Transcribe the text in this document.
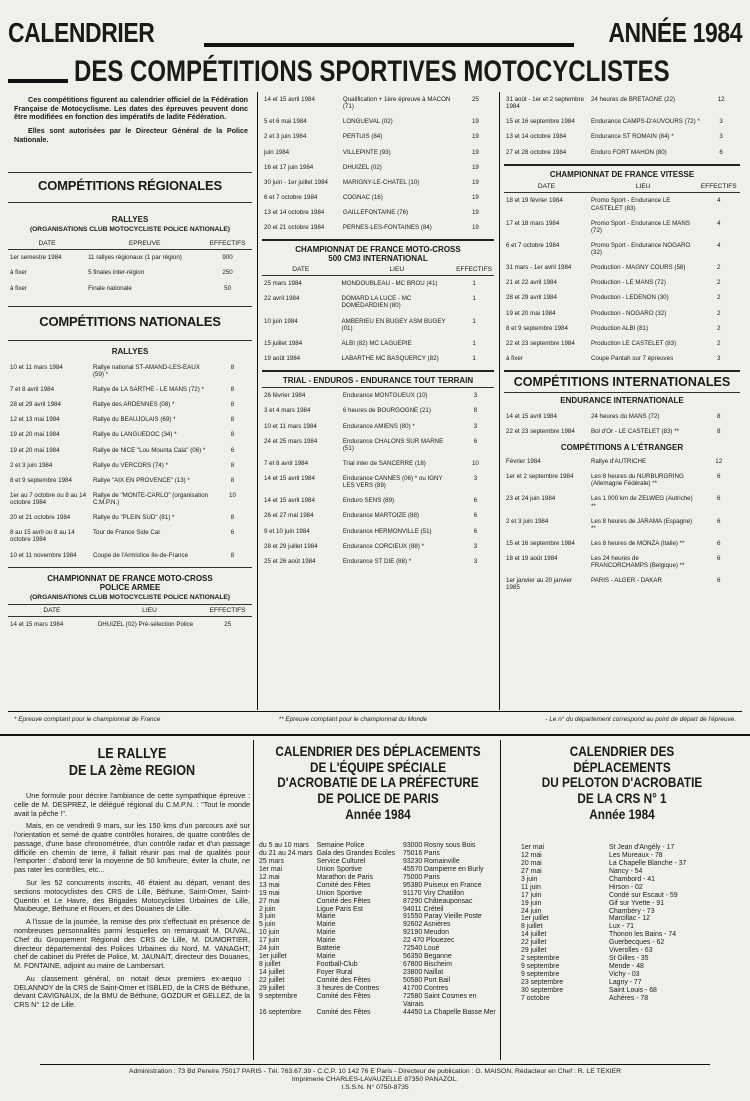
CALENDRIER	ANNÉE 1984
DES COMPÉTITIONS SPORTIVES MOTOCYCLISTES

Ces compétitions figurent au calendrier officiel de la Fédération Française de Motocyclisme. Les dates des épreuves peuvent donc être modifiées en fonction des impératifs de ladite Fédération.

Elles sont autorisées par le Directeur Général de la Police Nationale.

COMPÉTITIONS RÉGIONALES
RALLYES
(ORGANISATIONS CLUB MOTOCYCLISTE POLICE NATIONALE)
DATE	EPREUVE	EFFECTIFS
1er semestre 1984	11 rallyes régionaux (1 par région)	900
à fixer	5 finales inter-région	250
à fixer	Finale nationale	50
COMPÉTITIONS NATIONALES
RALLYES
10 et 11 mars 1984	Rallye national ST-AMAND-LES-EAUX (59) *	8
7 et 8 avril 1984	Rallye de LA SARTHE - LE MANS (72) *	8
28 et 29 avril 1984	Rallye des ARDENNES (08) *	8
12 et 13 mai 1984	Rallye du BEAUJOLAIS (69) *	8
19 et 20 mai 1984	Rallye du LANGUEDOC (34) *	8
19 et 20 mai 1984	Rallye de NICE "Lou Mounta Cala" (06) *	6
2 et 3 juin 1984	Rallye du VERCORS (74) *	8
8 et 9 septembre 1984	Rallye "AIX EN PROVENCE" (13) *	8
1er au 7 octobre ou 8 au 14 octobre 1984	Rallye de "MONTE-CARLO" (organisation C.M.P.N.)	10
20 et 21 octobre 1984	Rallye du "PLEIN SUD" (81) *	8
8 au 15 avril ou 8 au 14 octobre 1984	Tour de France Side Car	6
10 et 11 novembre 1984	Coupe de l'Armistice Ile-de-France	8
CHAMPIONNAT DE FRANCE MOTO-CROSS
POLICE ARMEE
(ORGANISATIONS CLUB MOTOCYCLISTE POLICE NATIONALE)
DATE	LIEU	EFFECTIFS
14 et 15 mars 1984	DHUIZEL (02) Pré-sélection Police	25
14 et 15 avril 1984	Qualification + 1ère épreuve à MACON (71)	25
5 et 6 mai 1984	LONGUEVAL (02)	19
2 et 3 juin 1984	PERTUIS (84)	19
juin 1984	VILLEPINTE (93)	19
16 et 17 juin 1984	DHUIZEL (02)	19
30 juin - 1er juillet 1984	MARIGNY-LE-CHATEL (10)	19
6 et 7 octobre 1984	COGNAC (16)	19
13 et 14 octobre 1984	GAILLEFONTAINE (76)	19
20 et 21 octobre 1984	PERNES-LES-FONTAINES (84)	19
CHAMPIONNAT DE FRANCE MOTO-CROSS
500 CM3 INTERNATIONAL
DATE	LIEU	EFFECTIFS
25 mars 1984	MONDOUBLEAU - MC BROU (41)	1
22 avril 1984	DOMARD LA LUCE - MC DOMEDARDIEN (80)	1
10 juin 1984	AMBERIEU EN BUGEY ASM BUGEY (01)	1
15 juillet 1984	ALBI (82) MC LAGUEPIE	1
19 août 1984	LABARTHE MC BASQUERCY (82)	1
TRIAL - ENDUROS - ENDURANCE TOUT TERRAIN
26 février 1984	Endurance MONTGUEUX (10)	3
3 et 4 mars 1984	6 heures de BOURGOGNE (21)	8
10 et 11 mars 1984	Endurance AMIENS (80) *	3
24 et 25 mars 1984	Endurance CHALONS SUR MARNE (51)	6
7 et 8 avril 1984	Trial inter de SANCERRE (18)	10
14 et 15 avril 1984	Endurance CANNES (06) * ou IGNY LES VERS (89)	3
14 et 15 avril 1984	Enduro SENS (89)	6
26 et 27 mai 1984	Endurance MARTOIZE (88)	6
9 et 10 juin 1984	Endurance HERMONVILLE (51)	6
28 et 29 juillet 1984	Endurance CORCIEUX (88) *	3
25 et 26 août 1984	Endurance ST DIE (88) *	3
31 août - 1er et 2 septembre 1984	24 heures de BRETAGNE (22)	12
15 et 16 septembre 1984	Endurance CAMPS-D'AUVOURS (72) *	3
13 et 14 octobre 1984	Endurance ST ROMAIN (84) *	3
27 et 28 octobre 1984	Enduro FORT MAHON (80)	6
CHAMPIONNAT DE FRANCE VITESSE
DATE	LIEU	EFFECTIFS
18 et 19 février 1984	Promo Sport - Endurance LE CASTELET (83)	4
17 et 18 mars 1984	Promo Sport - Endurance LE MANS (72)	4
6 et 7 octobre 1984	Promo Sport - Endurance NOGARO (32)	4
31 mars - 1er avril 1984	Production - MAGNY COURS (58)	2
21 et 22 avril 1984	Production - LE MANS (72)	2
28 et 29 avril 1984	Production - LEDENON (30)	2
19 et 20 mai 1984	Production - NOGARO (32)	2
8 et 9 septembre 1984	Production ALBI (81)	2
22 et 23 septembre 1984	Production LE CASTELET (83)	2
à fixer	Coupe Pantah sur 7 épreuves	3
COMPÉTITIONS INTERNATIONALES
ENDURANCE INTERNATIONALE
14 et 15 avril 1984	24 heures du MANS (72)	8
22 et 23 septembre 1984	Bol d'Or - LE CASTELET (83) **	8
COMPÉTITIONS A L'ÉTRANGER
Février 1984	Rallye d'AUTRICHE	12
1er et 2 septembre 1984	Les 8 heures du NURBURGRING (Allemagne Fédérale) **	6
23 et 24 juin 1984	Les 1 000 km de ZELWEG (Autriche) **	6
2 et 3 juin 1984	Les 8 heures de JARAMA (Espagne) **	6
15 et 16 septembre 1984	Les 8 heures de MONZA (Italie) **	6
18 et 19 août 1984	Les 24 heures de FRANCORCHAMPS (Belgique) **	6
1er janvier au 20 janvier 1985	PARIS - ALGER - DAKAR	6
* Epreuve comptant pour le championnat de France	** Epreuve comptant pour le championnat du Monde	- Le n° du département correspond au point de départ de l'épreuve.
LE RALLYE
DE LA 2ème REGION

Une formule pour décrire l'ambiance de cette sympathique épreuve : celle de M. DESPREZ, le délégué régional du C.M.P.N. : "Tout le monde avait la pêche !".

Mais, en ce vendredi 9 mars, sur les 150 kms d'un parcours axé sur l'orientation et semé de quatre contrôles horaires, de quatre contrôles de passage, d'une base chronométrée, d'un contrôle radar et d'un passage difficile en chemin de terre, il fallait réunir pas mal de qualités pour l'emporter : d'abord tenir la moyenne de 50 km/heure, éviter la chute, ne pas rater les contrôles, etc...

Sur les 52 concurrents inscrits, 46 étaient au départ, venant des sections motocyclistes des CRS de Lille, Béthune, Saint-Omer, Saint-Quentin et Le Havre, des Brigades Motocyclistes Urbaines de Lille, Maubeuge, Béthune et Rouen, et des Douanes de Lille.

A l'issue de la journée, la remise des prix s'effectuait en présence de nombreuses personnalités parmi lesquelles on remarquait M. DUVAL, Chef du Groupement Régional des CRS de Lille, M. DUMORTIER, directeur départemental des Polices Urbaines du Nord, M. VANAGHT, chef de cabinet du Préfet de Police, M. JAUNAIT, directeur des Douanes, M. FONTAINE, adjoint au maire de Lambersart.

Au classement général, on notait deux premiers ex-aequo : DELANNOY de la CRS de Saint-Omer et ISBLED, de la CRS de Béthune, devant CAVIGNAUX, de la BMU de Béthune, GOZDUR et GELLEZ, de la CRS N° 12 de Lille.

CALENDRIER DES DÉPLACEMENTS
DE L'ÉQUIPE SPÉCIALE
D'ACROBATIE DE LA PRÉFECTURE
DE POLICE DE PARIS
Année 1984
du 5 au 10 mars	Semaine Police	93000 Rosny sous Bois
du 21 au 24 mars	Gala des Grandes Ecoles	75016 Paris
25 mars	Service Culturel	93230 Romainville
1er mai	Union Sportive	45570 Dampierre en Burly
12 mai	Marathon de Paris	75000 Paris
13 mai	Comité des Fêtes	95380 Puiseux en France
19 mai	Union Sportive	91170 Viry Chatillon
27 mai	Comité des Fêtes	87290 Châteauponsac
2 juin	Ligue Paris Est	94011 Créteil
3 juin	Mairie	91550 Paray Vieille Poste
5 juin	Mairie	92602 Asnières
10 juin	Mairie	92190 Meudon
17 juin	Mairie	22 470 Plouezec
24 juin	Batterie	72540 Loué
1er juillet	Mairie	56350 Beganne
8 juillet	Football-Club	67800 Bischeim
14 juillet	Foyer Rural	23800 Naillat
22 juillet	Comité des Fêtes	50580 Port Bail
29 juillet	3 heures de Contres	41700 Contres
9 septembre	Comité des Fêtes	72580 Saint Cosmes en Vairais
16 septembre	Comité des Fêtes	44450 La Chapelle Basse Mer
CALENDRIER DES DÉPLACEMENTS
DU PELOTON D'ACROBATIE
DE LA CRS N° 1
Année 1984
1er mai	St Jean d'Angély - 17
12 mai	Les Mureaux - 78
20 mai	La Chapelle Blanche - 37
27 mai	Nancy - 54
3 juin	Chambord - 41
11 juin	Hirson - 02
17 juin	Condé sur Escaut - 59
19 juin	Gif sur Yvette - 91
24 juin	Chambéry - 73
1er juillet	Marcillac - 12
8 juillet	Lux - 71
14 juillet	Thonon les Bains - 74
22 juillet	Guerbecques - 62
29 juillet	Viverolles - 63
2 septembre	St Gilles - 35
9 septembre	Mende - 48
9 septembre	Vichy - 03
23 septembre	Lagny - 77
30 septembre	Saint Louis - 68
7 octobre	Achères - 78
Administration : 73 Bd Pereire 75017 PARIS - Tél. 763.67.39 - C.C.P. 10 142 76 E Paris - Directeur de publication : G. MAISON. Rédacteur en Chef : R. LE TEXIER
Imprimerie CHARLES-LAVAUZELLE 87350 PANAZOL.
I.S.S.N. N° 0750-8735
